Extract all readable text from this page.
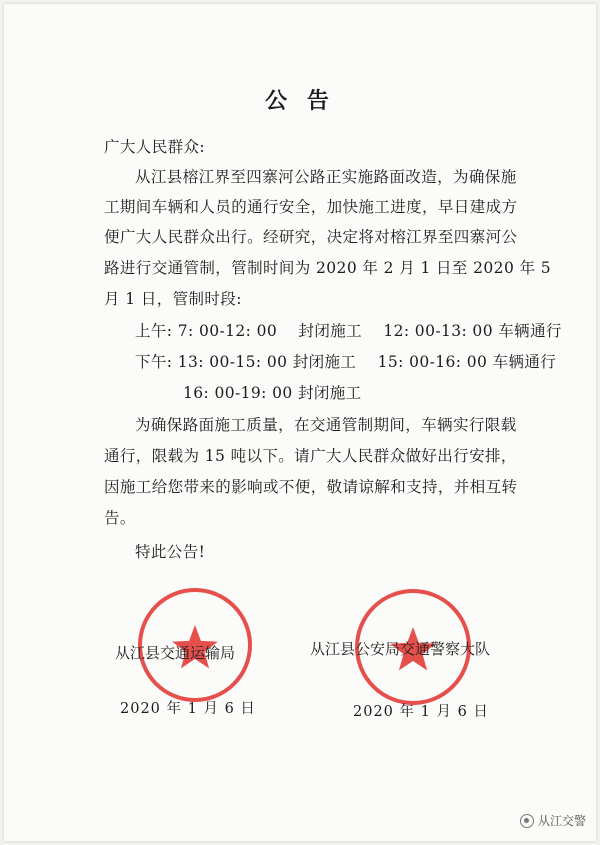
公 告
广大人民群众:
从江县榕江界至四寨河公路正实施路面改造，为确保施
工期间车辆和人员的通行安全，加快施工进度，早日建成方
便广大人民群众出行。经研究，决定将对榕江界至四寨河公
路进行交通管制，管制时间为 2020 年 2 月 1 日至 2020 年 5
月 1 日，管制时段:
上午: 7: 00-12: 00    封闭施工    12: 00-13: 00 车辆通行
下午: 13: 00-15: 00 封闭施工    15: 00-16: 00 车辆通行
16: 00-19: 00 封闭施工
为确保路面施工质量，在交通管制期间，车辆实行限载
通行，限载为 15 吨以下。请广大人民群众做好出行安排，
因施工给您带来的影响或不便，敬请谅解和支持，并相互转
告。
特此公告!
从江县交通运输局	从江县公安局交通警察大队
2020 年 1 月 6 日	2020 年 1 月 6 日
从江交警
